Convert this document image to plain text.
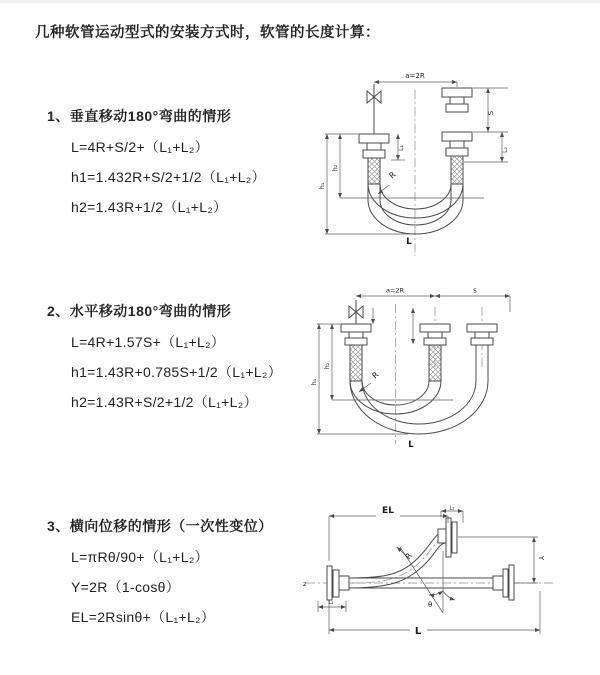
几种软管运动型式的安装方式时，软管的长度计算：
1、垂直移动180°弯曲的情形
L=4R+S/2+（L₁+L₂）
h1=1.432R+S/2+1/2（L₁+L₂）
h2=1.43R+1/2（L₁+L₂）
a=2R
S
L₂
L₁
h₁
h₂
R
L
2、水平移动180°弯曲的情形
L=4R+1.57S+（L₁+L₂）
h1=1.43R+0.785S+1/2（L₁+L₂）
h2=1.43R+S/2+1/2（L₁+L₂）
a=2R	s
h₁
h₂
R
L
3、横向位移的情形（一次性变位）
L=πRθ/90+（L₁+L₂）
Y=2R（1-cosθ）
EL=2Rsinθ+（L₁+L₂）
EL	L₁
Y
L
L₁
R
θ
z
